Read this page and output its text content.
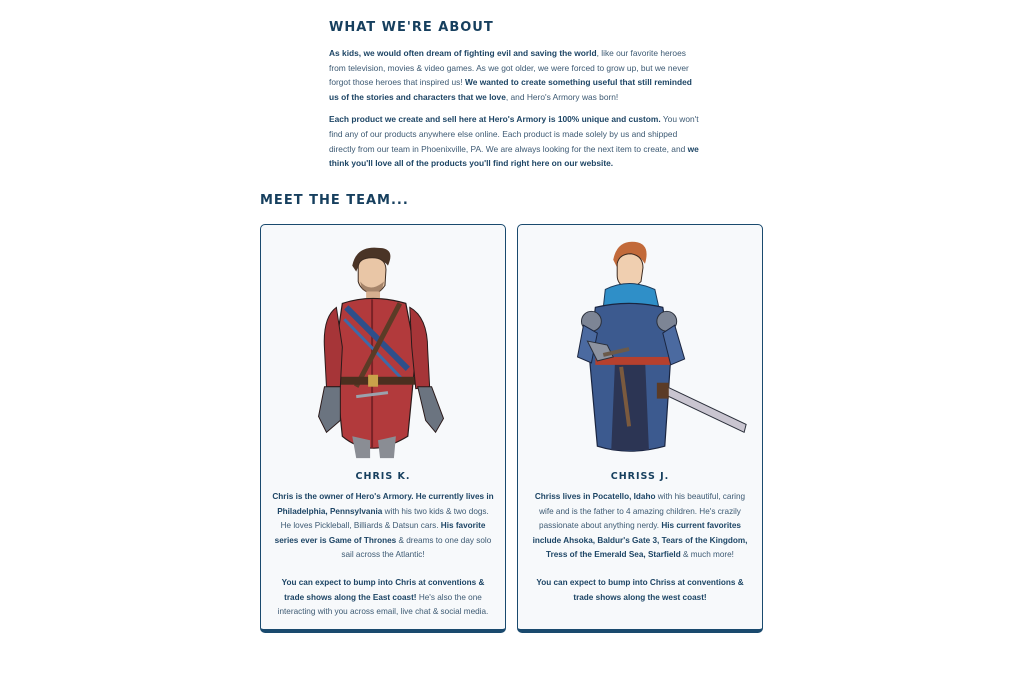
WHAT WE'RE ABOUT

As kids, we would often dream of fighting evil and saving the world, like our favorite heroes from television, movies & video games. As we got older, we were forced to grow up, but we never forgot those heroes that inspired us! We wanted to create something useful that still reminded us of the stories and characters that we love, and Hero's Armory was born!

Each product we create and sell here at Hero's Armory is 100% unique and custom. You won't find any of our products anywhere else online. Each product is made solely by us and shipped directly from our team in Phoenixville, PA. We are always looking for the next item to create, and we think you'll love all of the products you'll find right here on our website.

MEET THE TEAM...
CHRIS K.

Chris is the owner of Hero's Armory. He currently lives in Philadelphia, Pennsylvania with his two kids & two dogs. He loves Pickleball, Billiards & Datsun cars. His favorite series ever is Game of Thrones & dreams to one day solo sail across the Atlantic!

You can expect to bump into Chris at conventions & trade shows along the East coast! He's also the one interacting with you across email, live chat & social media.

CHRISS J.

Chriss lives in Pocatello, Idaho with his beautiful, caring wife and is the father to 4 amazing children. He's crazily passionate about anything nerdy. His current favorites include Ahsoka, Baldur's Gate 3, Tears of the Kingdom, Tress of the Emerald Sea, Starfield & much more!

You can expect to bump into Chriss at conventions & trade shows along the west coast!
